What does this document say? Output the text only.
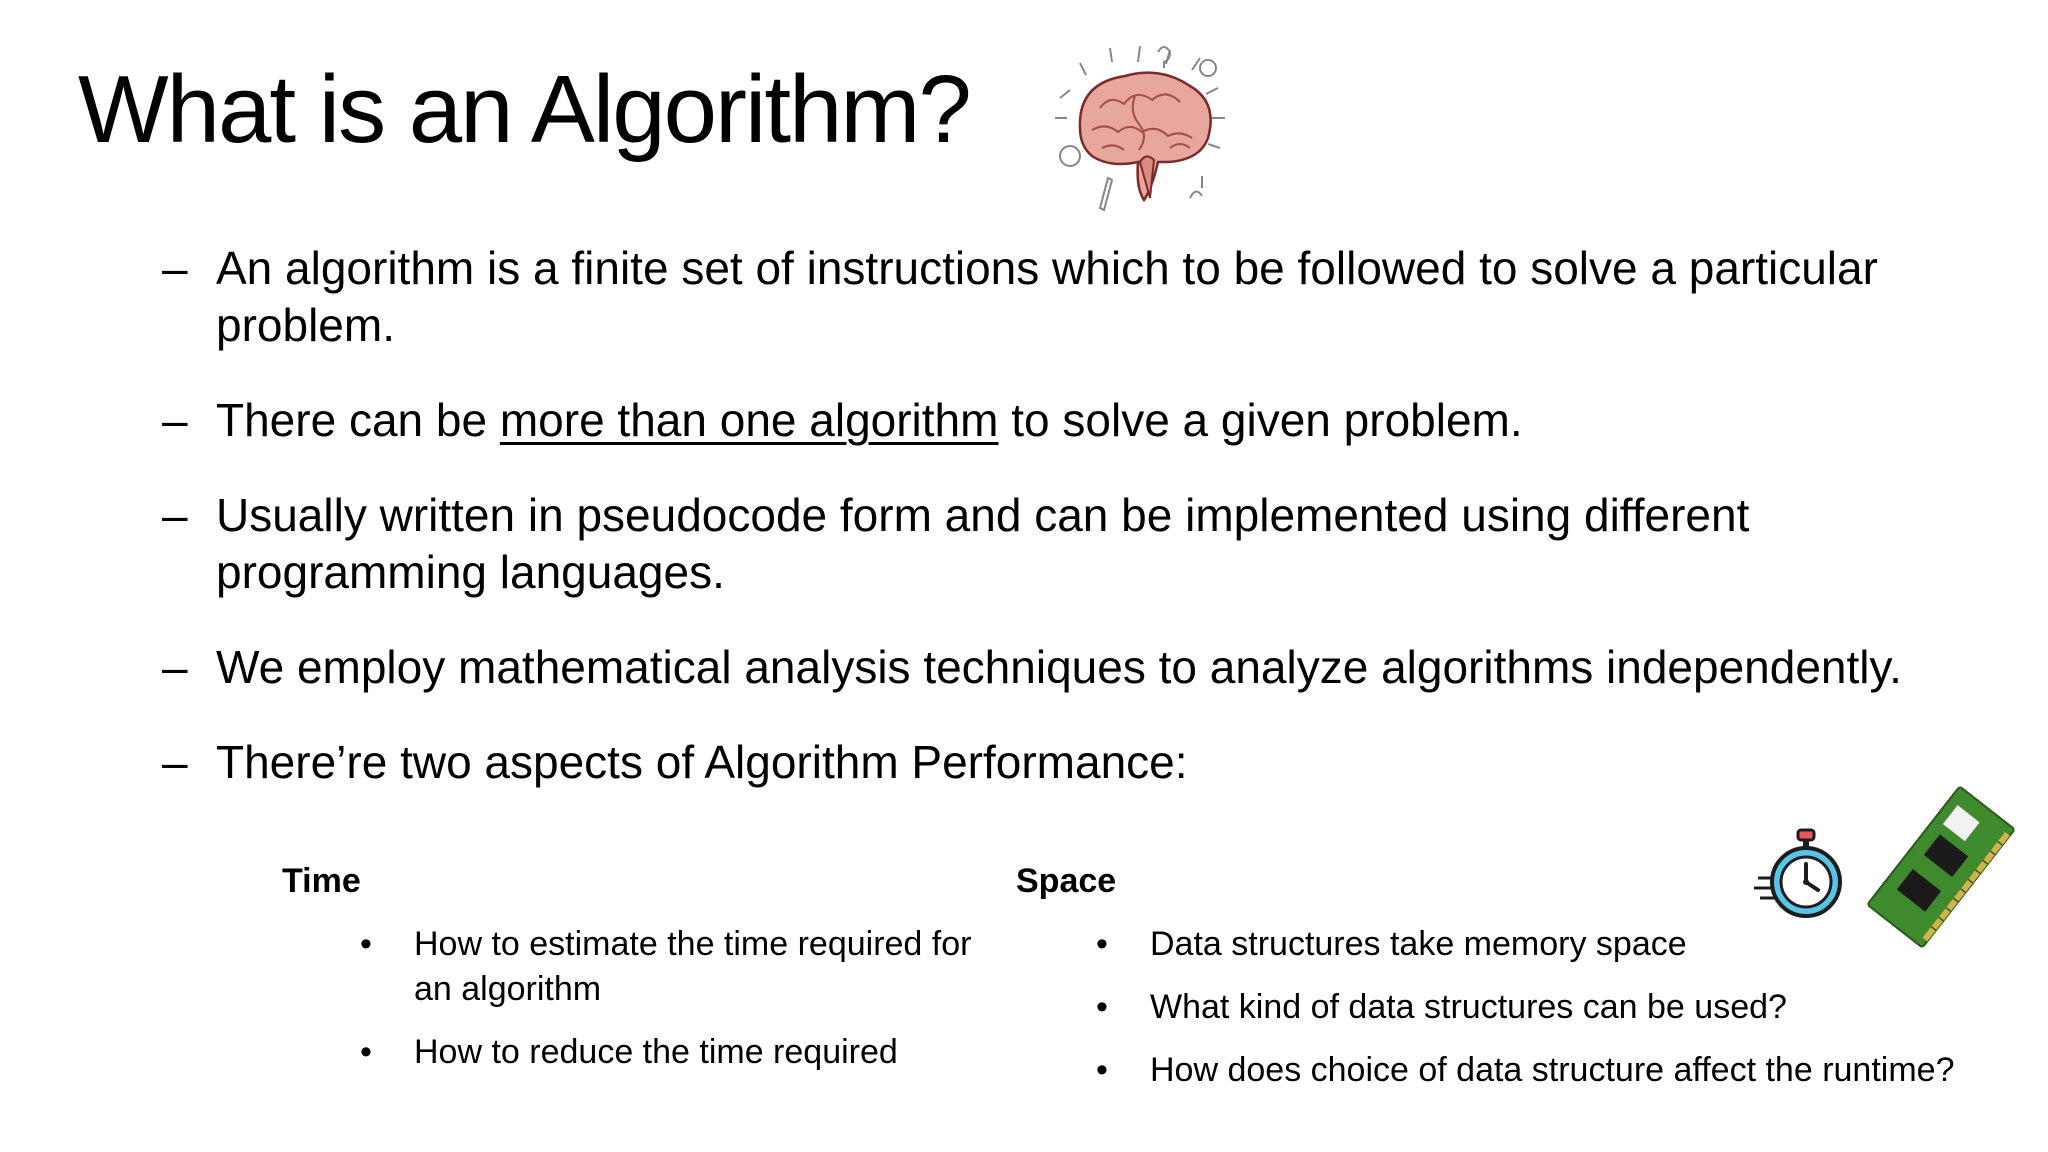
What is an Algorithm?
– An algorithm is a finite set of instructions which to be followed to solve a particular problem.
– There can be more than one algorithm to solve a given problem.
– Usually written in pseudocode form and can be implemented using different programming languages.
– We employ mathematical analysis techniques to analyze algorithms independently.
– There’re two aspects of Algorithm Performance:
Time
• How to estimate the time required for an algorithm
• How to reduce the time required
Space
• Data structures take memory space
• What kind of data structures can be used?
• How does choice of data structure affect the runtime?
